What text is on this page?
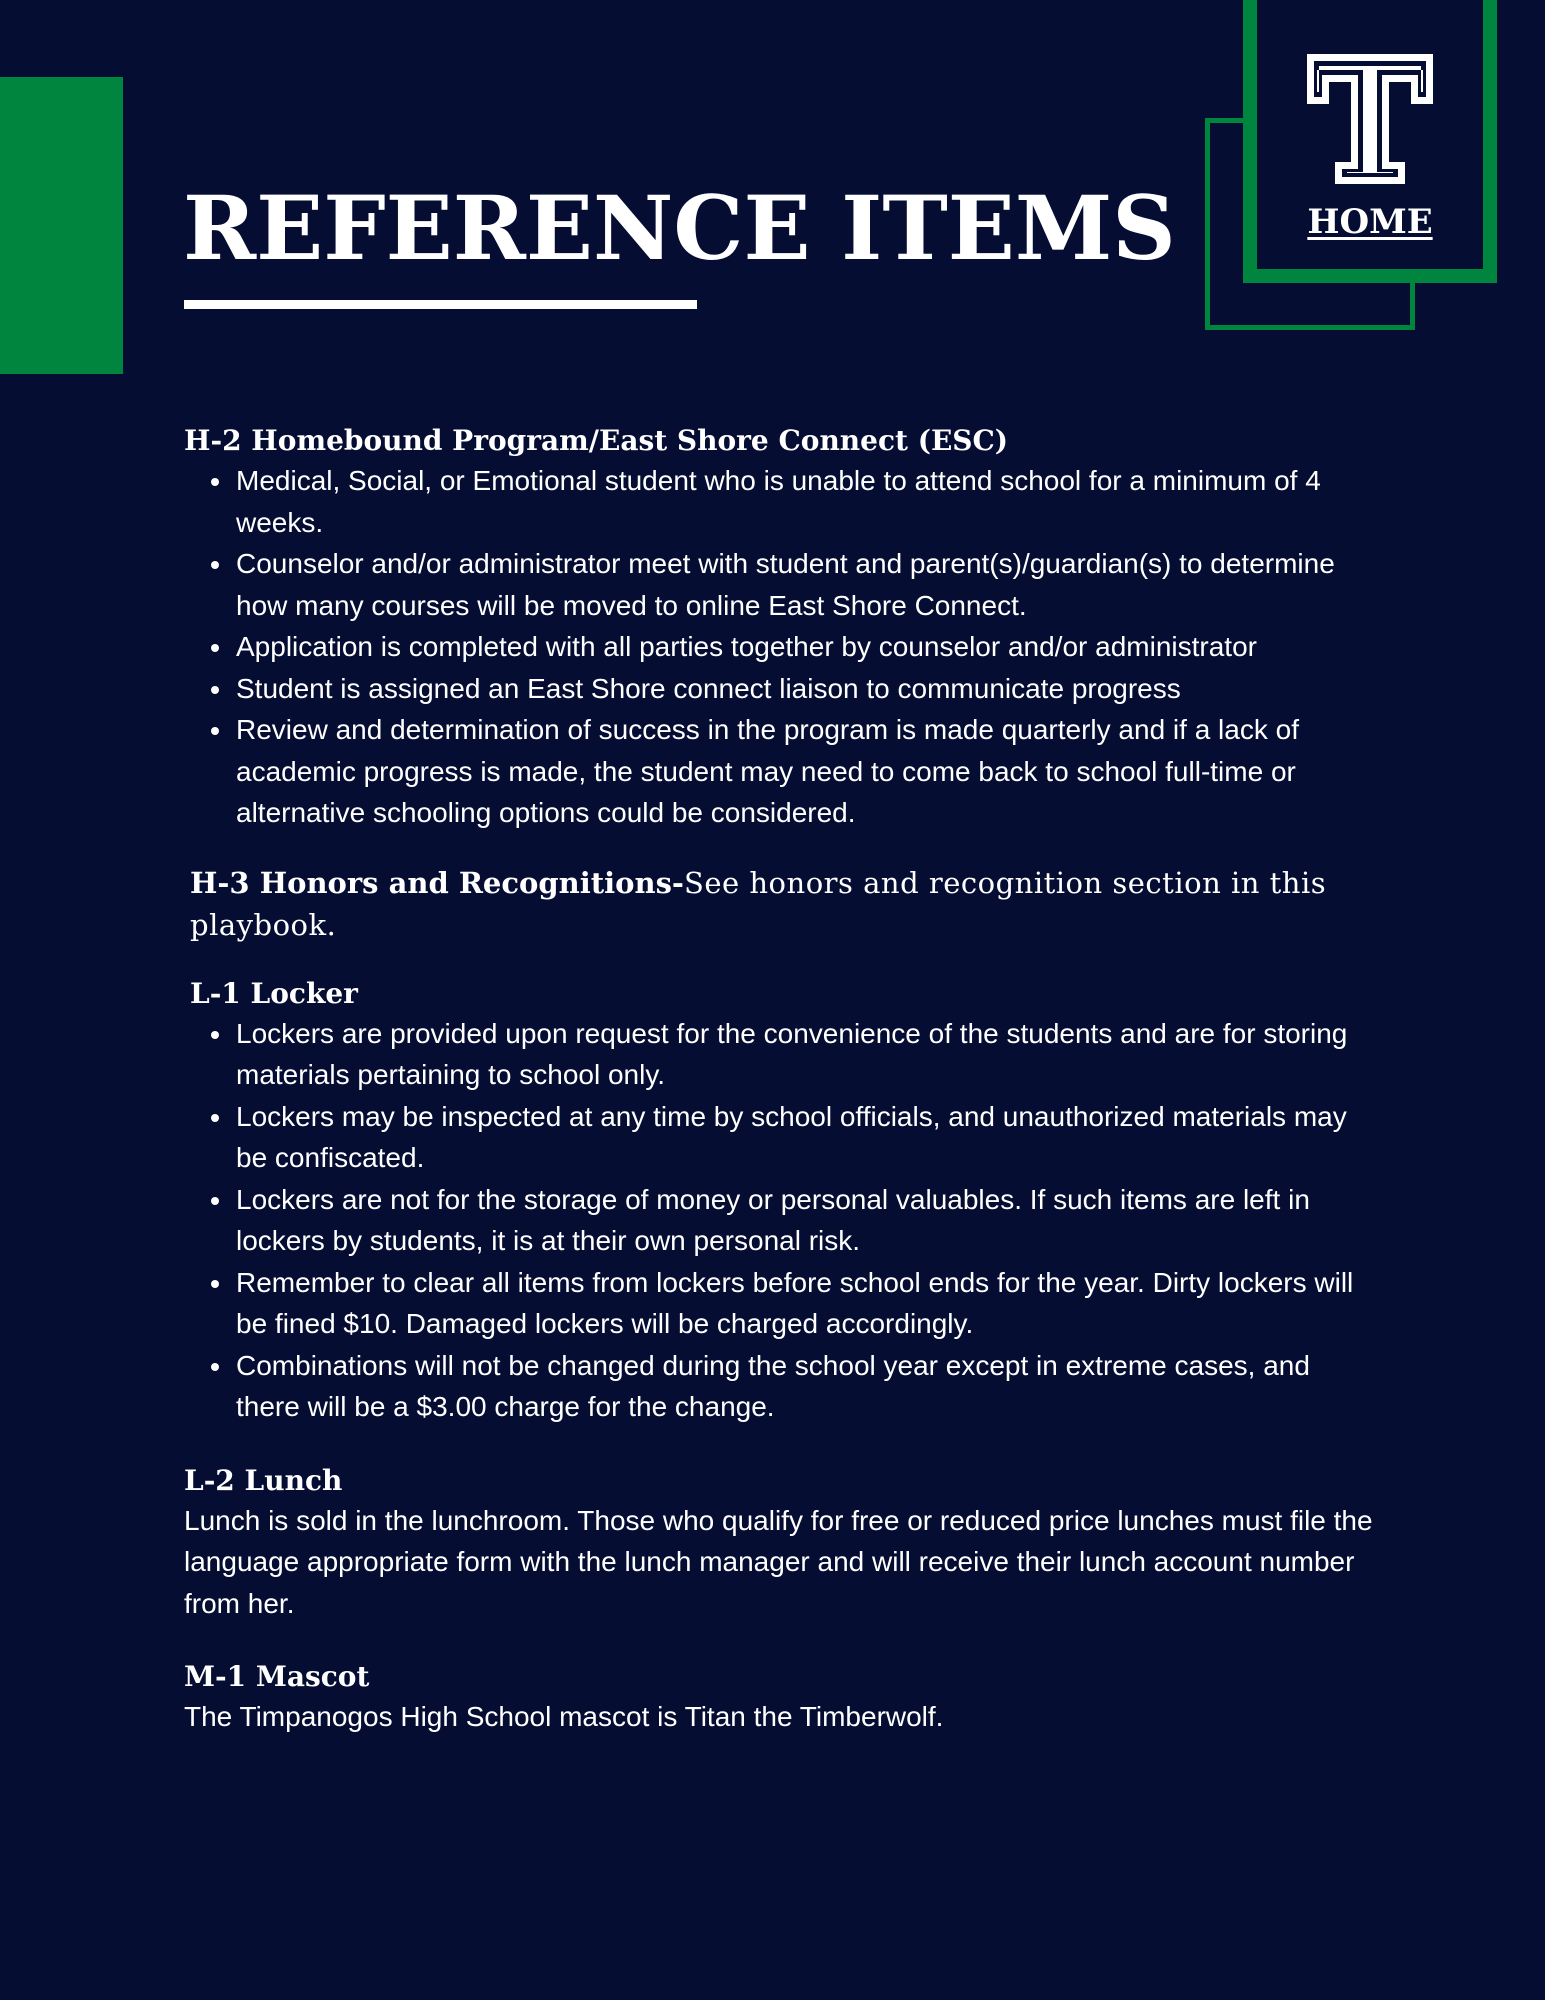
REFERENCE ITEMS	HOME

H-2 Homebound Program/East Shore Connect (ESC)

• Medical, Social, or Emotional student who is unable to attend school for a minimum of 4 weeks.
• Counselor and/or administrator meet with student and parent(s)/guardian(s) to determine how many courses will be moved to online East Shore Connect.
• Application is completed with all parties together by counselor and/or administrator
• Student is assigned an East Shore connect liaison to communicate progress
• Review and determination of success in the program is made quarterly and if a lack of academic progress is made, the student may need to come back to school full-time or alternative schooling options could be considered.

H-3 Honors and Recognitions-See honors and recognition section in this playbook.

L-1 Locker

• Lockers are provided upon request for the convenience of the students and are for storing materials pertaining to school only.
• Lockers may be inspected at any time by school officials, and unauthorized materials may be confiscated.
• Lockers are not for the storage of money or personal valuables. If such items are left in lockers by students, it is at their own personal risk.
• Remember to clear all items from lockers before school ends for the year. Dirty lockers will be fined $10. Damaged lockers will be charged accordingly.
• Combinations will not be changed during the school year except in extreme cases, and there will be a $3.00 charge for the change.

L-2 Lunch

Lunch is sold in the lunchroom. Those who qualify for free or reduced price lunches must file the language appropriate form with the lunch manager and will receive their lunch account number from her.

M-1 Mascot

The Timpanogos High School mascot is Titan the Timberwolf.
